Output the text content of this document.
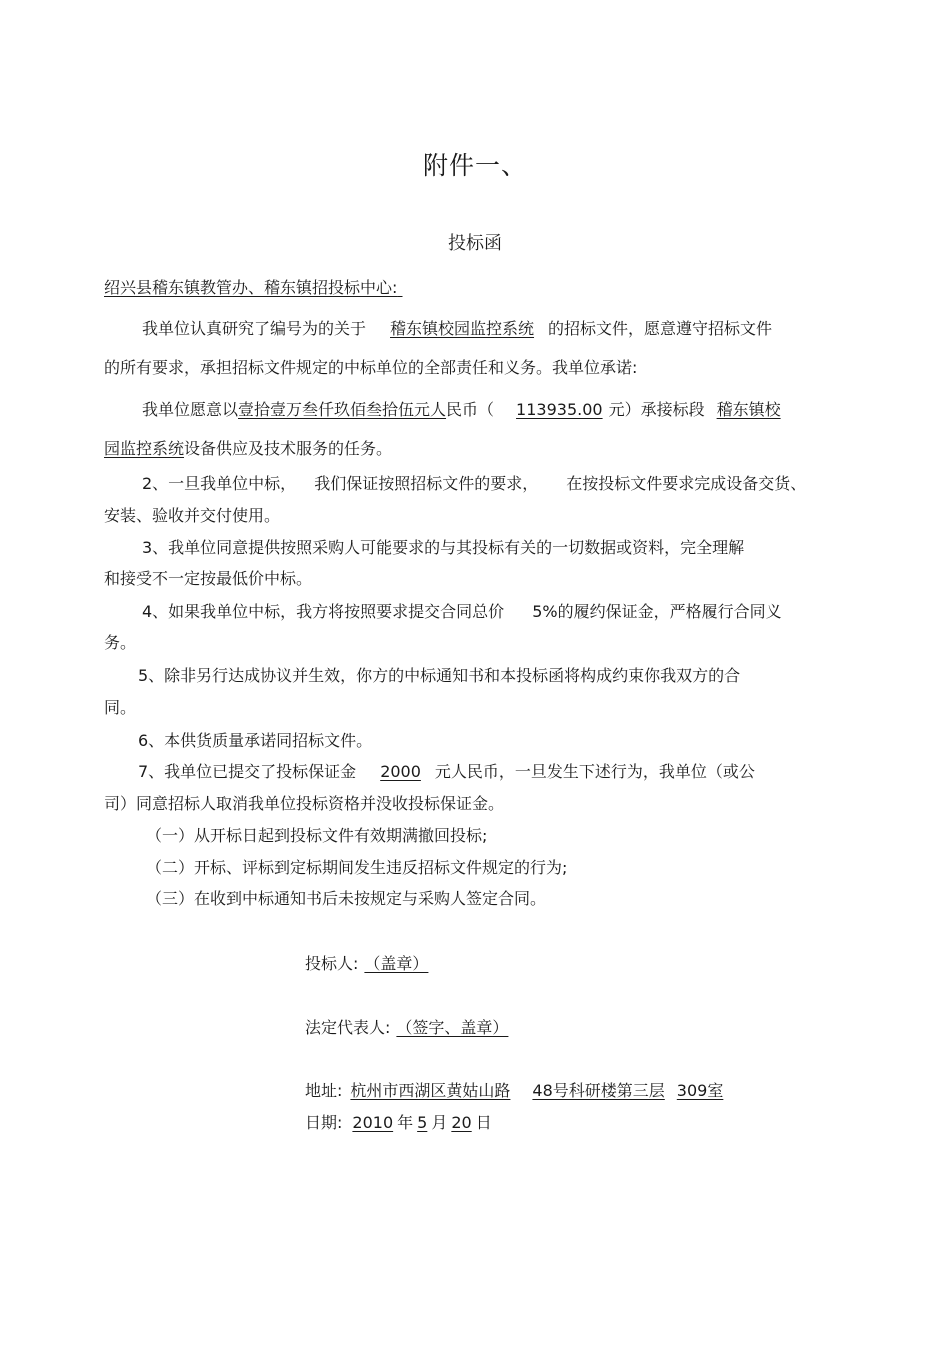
附件一、
投标函
绍兴县稽东镇教管办、稽东镇招投标中心:
我单位认真研究了编号为的关于 稽东镇校园监控系统 的招标文件，愿意遵守招标文件
的所有要求，承担招标文件规定的中标单位的全部责任和义务。我单位承诺:
我单位愿意以壹拾壹万叁仟玖佰叁拾伍元人民币（ 113935.00 元）承接标段 稽东镇校
园监控系统设备供应及技术服务的任务。
2、一旦我单位中标， 我们保证按照招标文件的要求， 在按投标文件要求完成设备交货、
安装、验收并交付使用。
3、我单位同意提供按照采购人可能要求的与其投标有关的一切数据或资料，完全理解
和接受不一定按最低价中标。
4、如果我单位中标，我方将按照要求提交合同总价 5%的履约保证金，严格履行合同义
务。
5、除非另行达成协议并生效，你方的中标通知书和本投标函将构成约束你我双方的合
同。
6、本供货质量承诺同招标文件。
7、我单位已提交了投标保证金 2000 元人民币，一旦发生下述行为，我单位（或公
司）同意招标人取消我单位投标资格并没收投标保证金。
（一）从开标日起到投标文件有效期满撤回投标;
（二）开标、评标到定标期间发生违反招标文件规定的行为;
（三）在收到中标通知书后未按规定与采购人签定合同。
投标人: （盖章）
法定代表人: （签字、盖章）
地址: 杭州市西湖区黄姑山路 48号科研楼第三层 309室
日期: 2010 年 5 月 20 日
